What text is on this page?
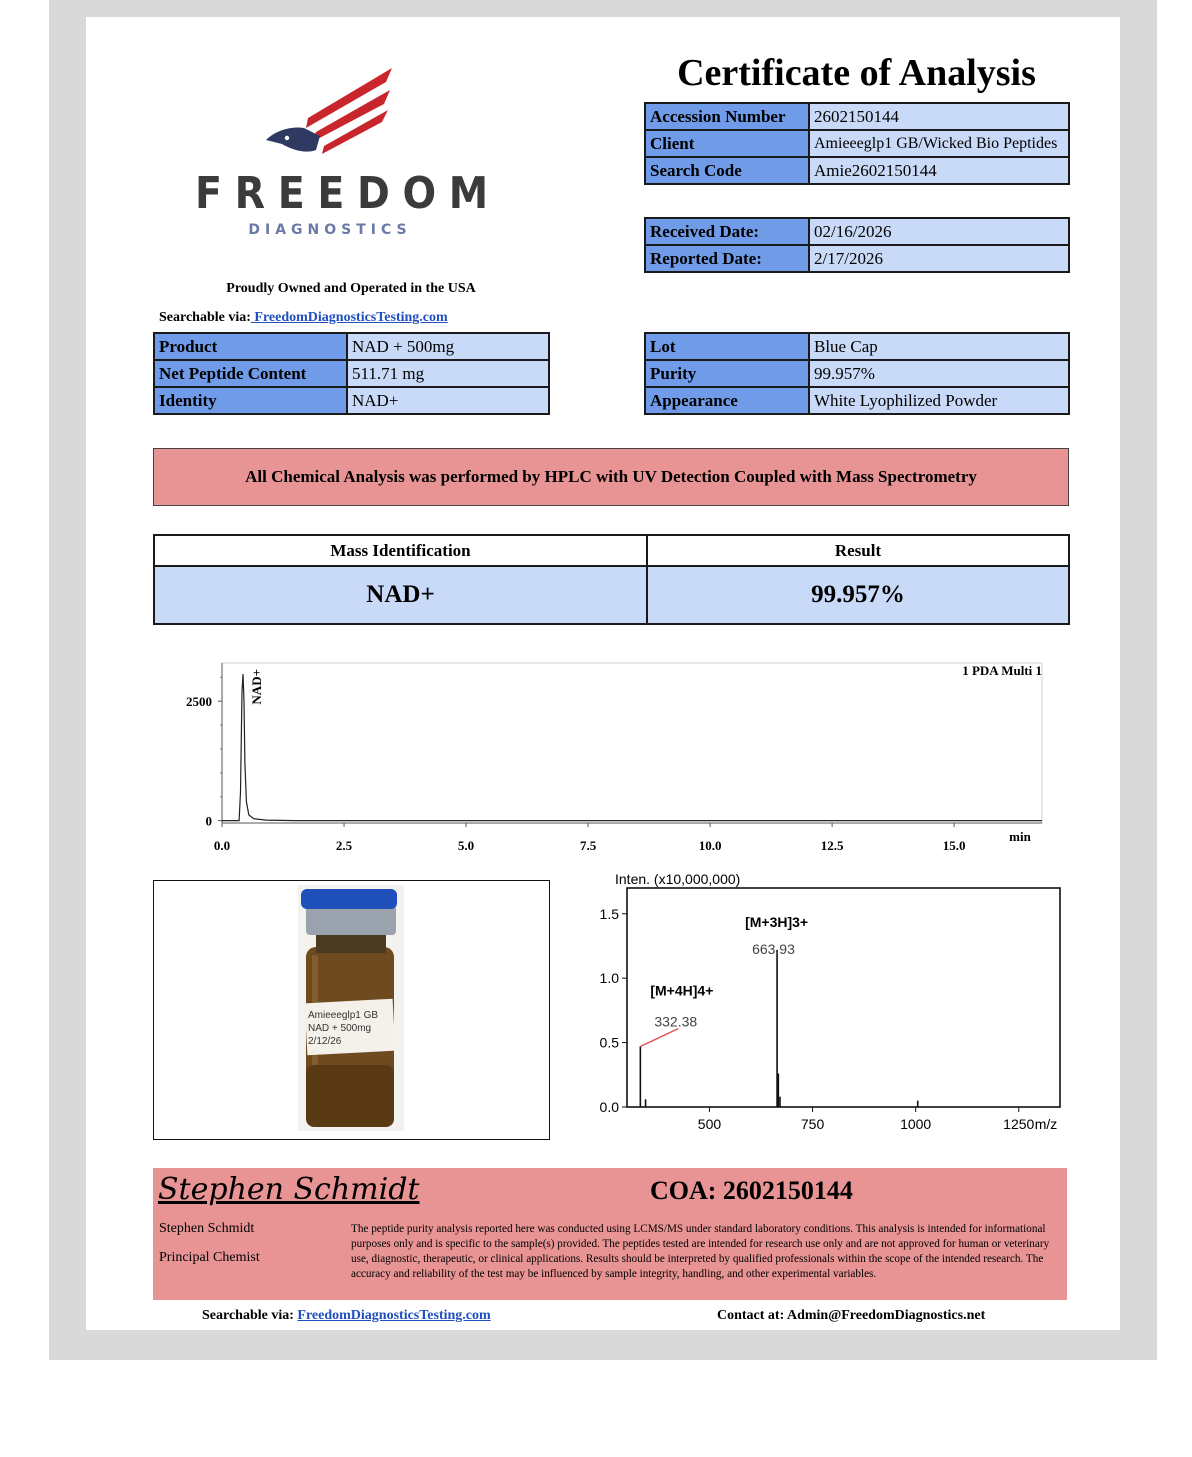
FREEDOM
DIAGNOSTICS
Proudly Owned and Operated in the USA
Searchable via: FreedomDiagnosticsTesting.com
Certificate of Analysis
Accession Number	2602150144
Client	Amieeeglp1 GB/Wicked Bio Peptides
Search Code	Amie2602150144
Received Date:	02/16/2026
Reported Date:	2/17/2026
Product	NAD + 500mg
Net Peptide Content	511.71 mg
Identity	NAD+
Lot	Blue Cap
Purity	99.957%
Appearance	White Lyophilized Powder
All Chemical Analysis was performed by HPLC with UV Detection Coupled with Mass Spectrometry
Mass Identification	Result
NAD+	99.957%
0.0	2.5	5.0	7.5	10.0	12.5	15.0
min
0
2500	NAD+	1 PDA Multi 1
Amieeeglp1 GB
NAD + 500mg
2/12/26
Inten. (x10,000,000)
0.0
0.5
1.0
1.5
500	750	1000	1250 m/z
[M+4H]4+
332.38
[M+3H]3+
663.93
Stephen Schmidt	COA: 2602150144
Stephen Schmidt
Principal Chemist
The peptide purity analysis reported here was conducted using LCMS/MS under standard laboratory conditions. This analysis is intended for informational purposes only and is specific to the sample(s) provided. The peptides tested are intended for research use only and are not approved for human or veterinary use, diagnostic, therapeutic, or clinical applications. Results should be interpreted by qualified professionals within the scope of the intended research. The accuracy and reliability of the test may be influenced by sample integrity, handling, and other experimental variables.
Searchable via: FreedomDiagnosticsTesting.com	Contact at: Admin@FreedomDiagnostics.net
